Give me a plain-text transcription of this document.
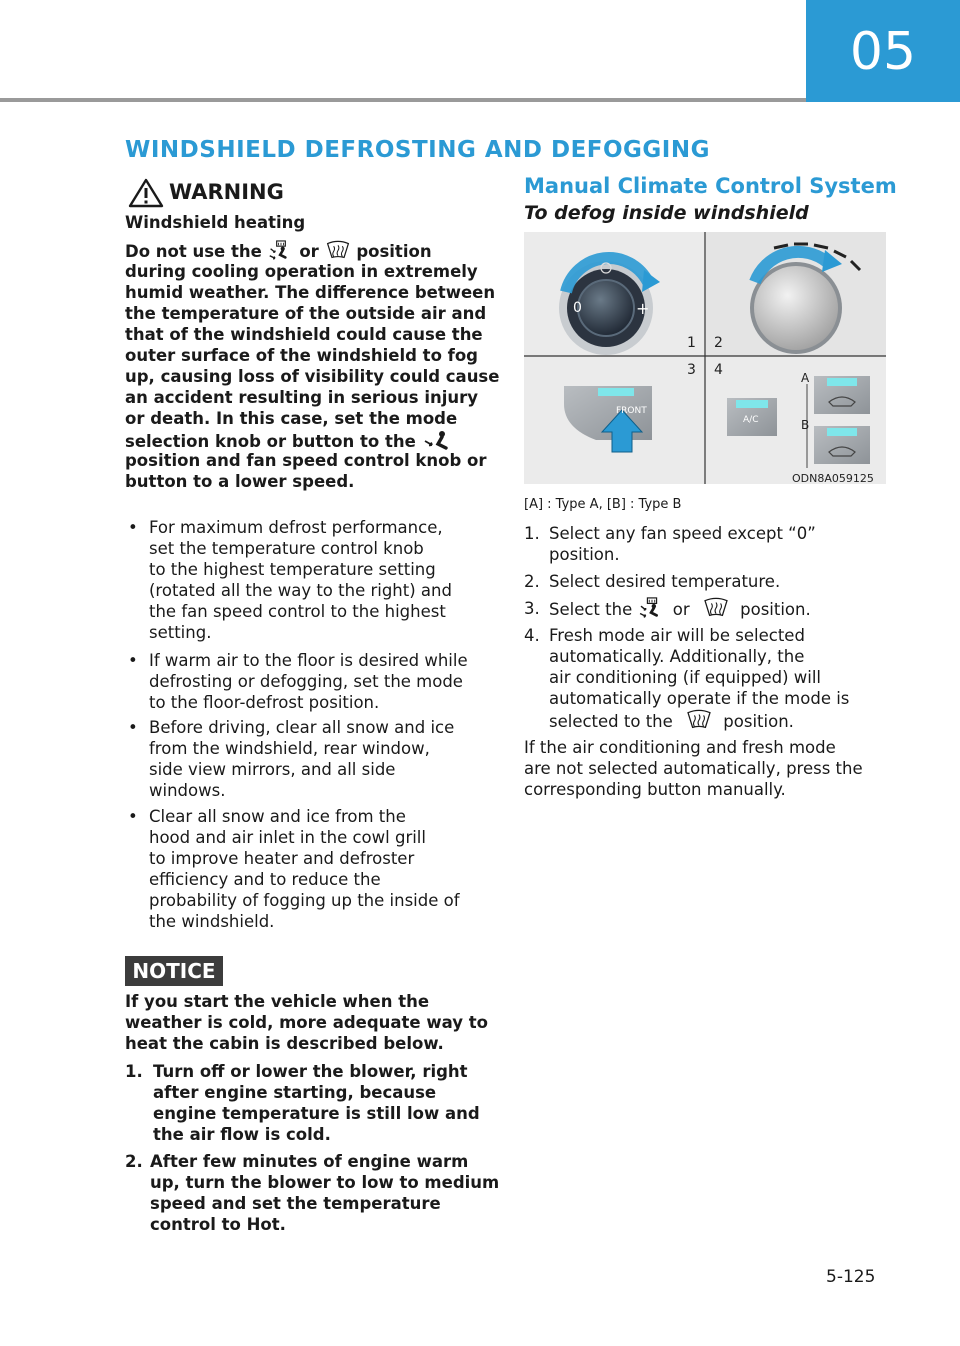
05
WINDSHIELD DEFROSTING AND DEFOGGING
WARNING
Windshield heating
Do not use the or position
during cooling operation in extremely
humid weather. The difference between
the temperature of the outside air and
that of the windshield could cause the
outer surface of the windshield to fog
up, causing loss of visibility could cause
an accident resulting in serious injury
or death. In this case, set the mode
selection knob or button to the
position and fan speed control knob or
button to a lower speed.
• For maximum defrost performance,
set the temperature control knob
to the highest temperature setting
(rotated all the way to the right) and
the fan speed control to the highest
setting.
• If warm air to the floor is desired while
defrosting or defogging, set the mode
to the floor-defrost position.
• Before driving, clear all snow and ice
from the windshield, rear window,
side view mirrors, and all side
windows.
• Clear all snow and ice from the
hood and air inlet in the cowl grill
to improve heater and defroster
efficiency and to reduce the
probability of fogging up the inside of
the windshield.
NOTICE
If you start the vehicle when the
weather is cold, more adequate way to
heat the cabin is described below.
1. Turn off or lower the blower, right
after engine starting, because
engine temperature is still low and
the air flow is cold.
2. After few minutes of engine warm
up, turn the blower to low to medium
speed and set the temperature
control to Hot.
Manual Climate Control System
To defog inside windshield
0	+
1 2
3 4	A
B
FRONT
A/C
ODN8A059125
[A] : Type A, [B] : Type B
1. Select any fan speed except “0”
position.
2. Select desired temperature.
3. Select the or	position.
4. Fresh mode air will be selected
automatically. Additionally, the
air conditioning (if equipped) will
automatically operate if the mode is
selected to the	position.
If the air conditioning and fresh mode
are not selected automatically, press the
corresponding button manually.
5-125
